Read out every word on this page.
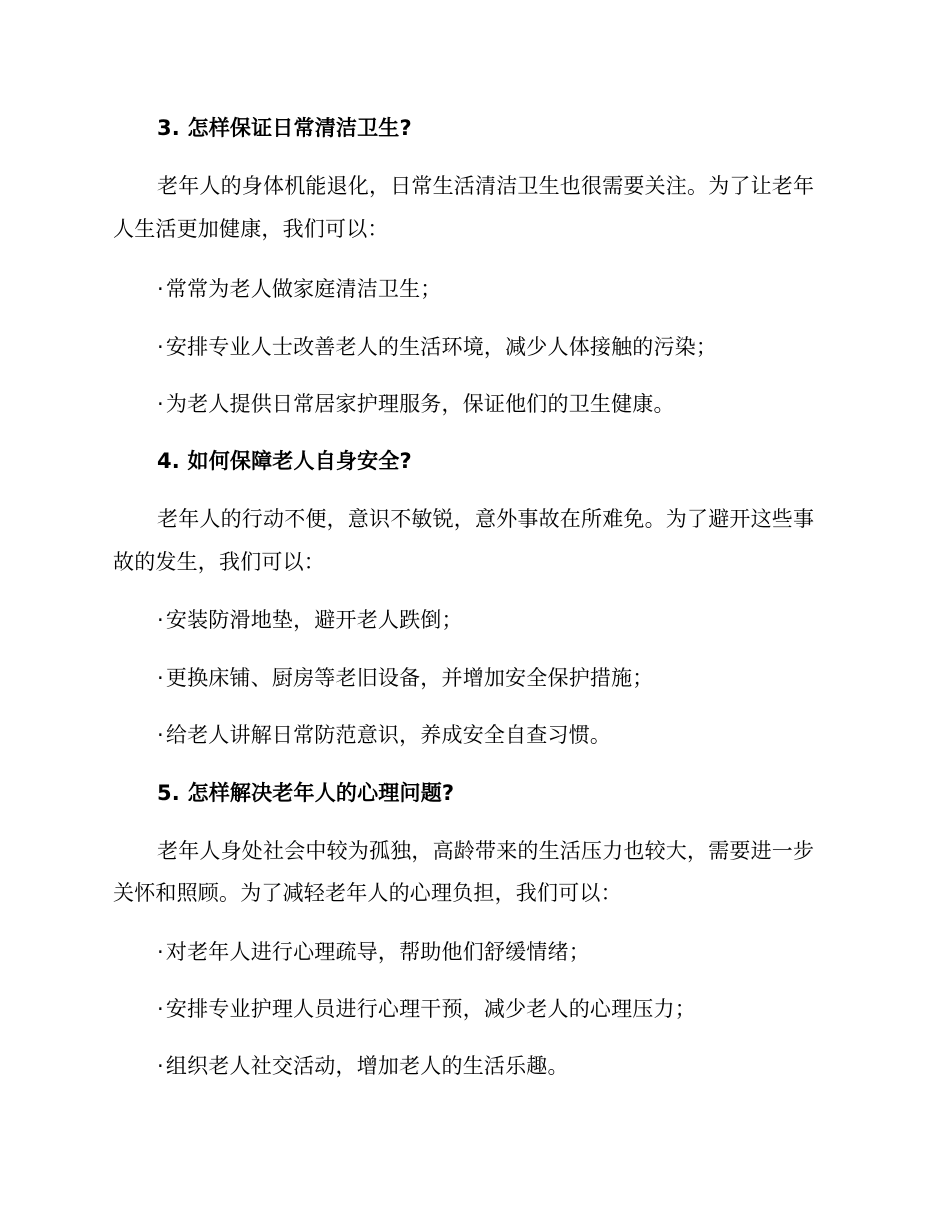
3. 怎样保证日常清洁卫生?
老年人的身体机能退化，日常生活清洁卫生也很需要关注。为了让老年
人生活更加健康，我们可以：
·常常为老人做家庭清洁卫生；
·安排专业人士改善老人的生活环境，减少人体接触的污染；
·为老人提供日常居家护理服务，保证他们的卫生健康。
4. 如何保障老人自身安全?
老年人的行动不便，意识不敏锐，意外事故在所难免。为了避开这些事
故的发生，我们可以：
·安装防滑地垫，避开老人跌倒；
·更换床铺、厨房等老旧设备，并增加安全保护措施；
·给老人讲解日常防范意识，养成安全自查习惯。
5. 怎样解决老年人的心理问题?
老年人身处社会中较为孤独，高龄带来的生活压力也较大，需要进一步
关怀和照顾。为了减轻老年人的心理负担，我们可以：
·对老年人进行心理疏导，帮助他们舒缓情绪；
·安排专业护理人员进行心理干预，减少老人的心理压力；
·组织老人社交活动，增加老人的生活乐趣。
